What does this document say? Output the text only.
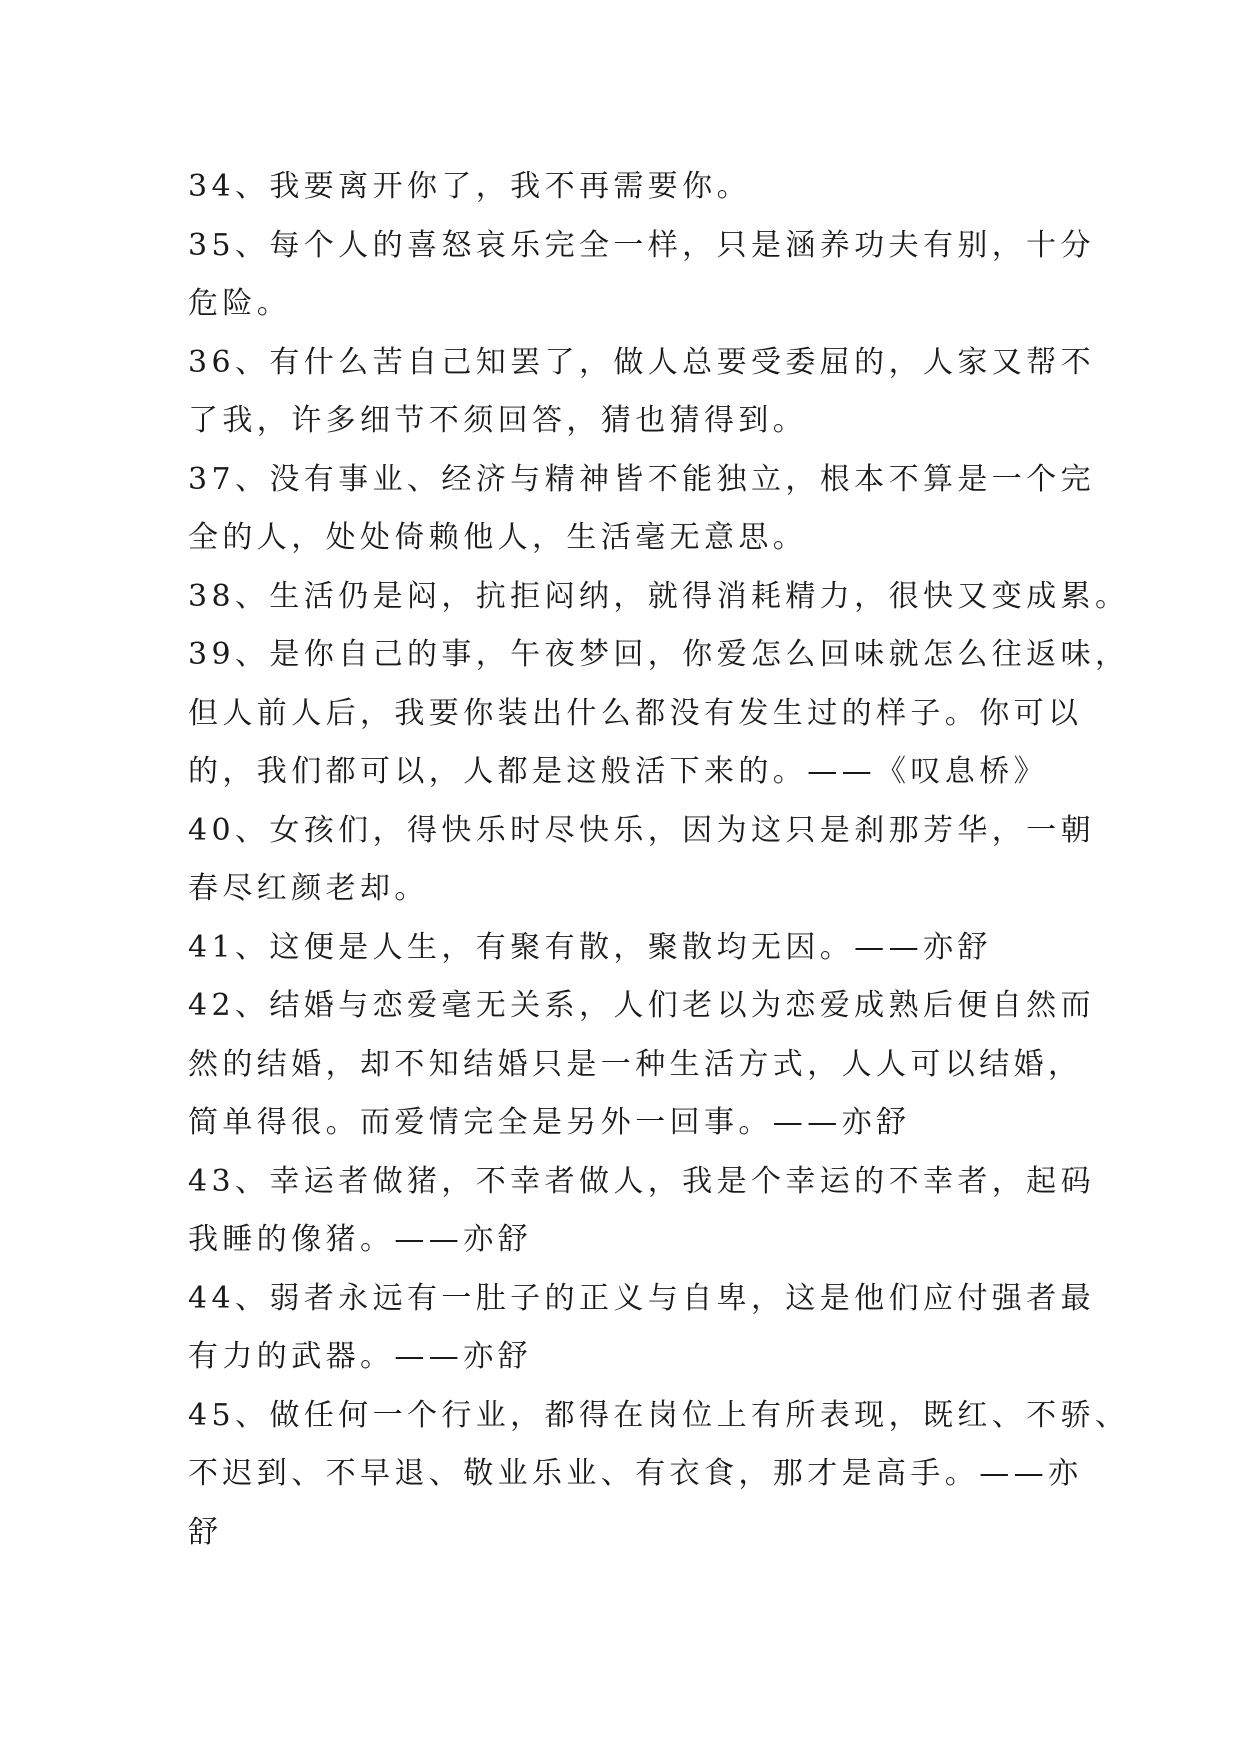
34、我要离开你了，我不再需要你。
35、每个人的喜怒哀乐完全一样，只是涵养功夫有别，十分
危险。
36、有什么苦自己知罢了，做人总要受委屈的，人家又帮不
了我，许多细节不须回答，猜也猜得到。
37、没有事业、经济与精神皆不能独立，根本不算是一个完
全的人，处处倚赖他人，生活毫无意思。
38、生活仍是闷，抗拒闷纳，就得消耗精力，很快又变成累。
39、是你自己的事，午夜梦回，你爱怎么回味就怎么往返味，
但人前人后，我要你装出什么都没有发生过的样子。你可以
的，我们都可以，人都是这般活下来的。——《叹息桥》
40、女孩们，得快乐时尽快乐，因为这只是刹那芳华，一朝
春尽红颜老却。
41、这便是人生，有聚有散，聚散均无因。——亦舒
42、结婚与恋爱毫无关系，人们老以为恋爱成熟后便自然而
然的结婚，却不知结婚只是一种生活方式，人人可以结婚，
简单得很。而爱情完全是另外一回事。——亦舒
43、幸运者做猪，不幸者做人，我是个幸运的不幸者，起码
我睡的像猪。——亦舒
44、弱者永远有一肚子的正义与自卑，这是他们应付强者最
有力的武器。——亦舒
45、做任何一个行业，都得在岗位上有所表现，既红、不骄、
不迟到、不早退、敬业乐业、有衣食，那才是高手。——亦
舒
